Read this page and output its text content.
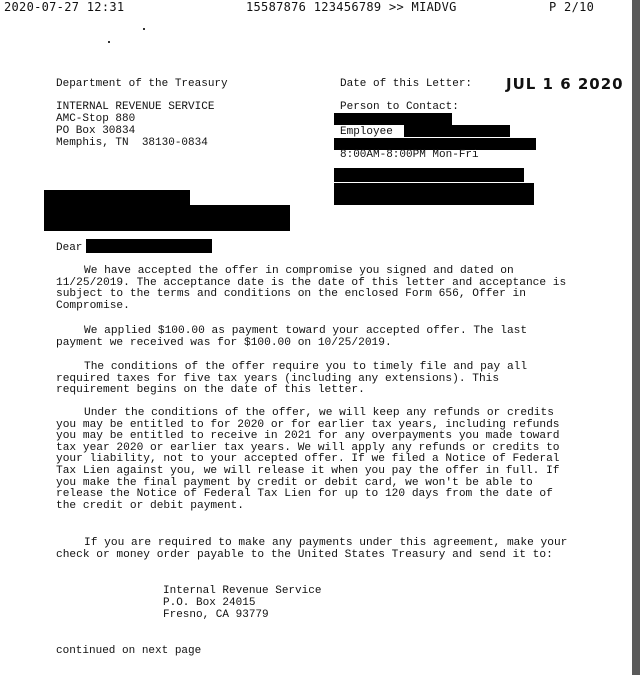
2020-07-27 12:31	15587876 123456789 >> MIADVG	P 2/10
Department of the Treasury
INTERNAL REVENUE SERVICE
AMC-Stop 880
PO Box 30834
Memphis, TN  38130-0834
Date of this Letter: JUL 1 6 2020
Person to Contact:
Employee
8:00AM-8:00PM Mon-Fri
Dear

We have accepted the offer in compromise you signed and dated on 11/25/2019. The acceptance date is the date of this letter and acceptance is subject to the terms and conditions on the enclosed Form 656, Offer in Compromise.

We applied $100.00 as payment toward your accepted offer. The last payment we received was for $100.00 on 10/25/2019.

The conditions of the offer require you to timely file and pay all required taxes for five tax years (including any extensions). This requirement begins on the date of this letter.

Under the conditions of the offer, we will keep any refunds or credits you may be entitled to for 2020 or for earlier tax years, including refunds you may be entitled to receive in 2021 for any overpayments you made toward tax year 2020 or earlier tax years. We will apply any refunds or credits to your liability, not to your accepted offer. If we filed a Notice of Federal Tax Lien against you, we will release it when you pay the offer in full. If you make the final payment by credit or debit card, we won't be able to release the Notice of Federal Tax Lien for up to 120 days from the date of the credit or debit payment.

If you are required to make any payments under this agreement, make your check or money order payable to the United States Treasury and send it to:

Internal Revenue Service
P.O. Box 24015
Fresno, CA 93779
continued on next page
